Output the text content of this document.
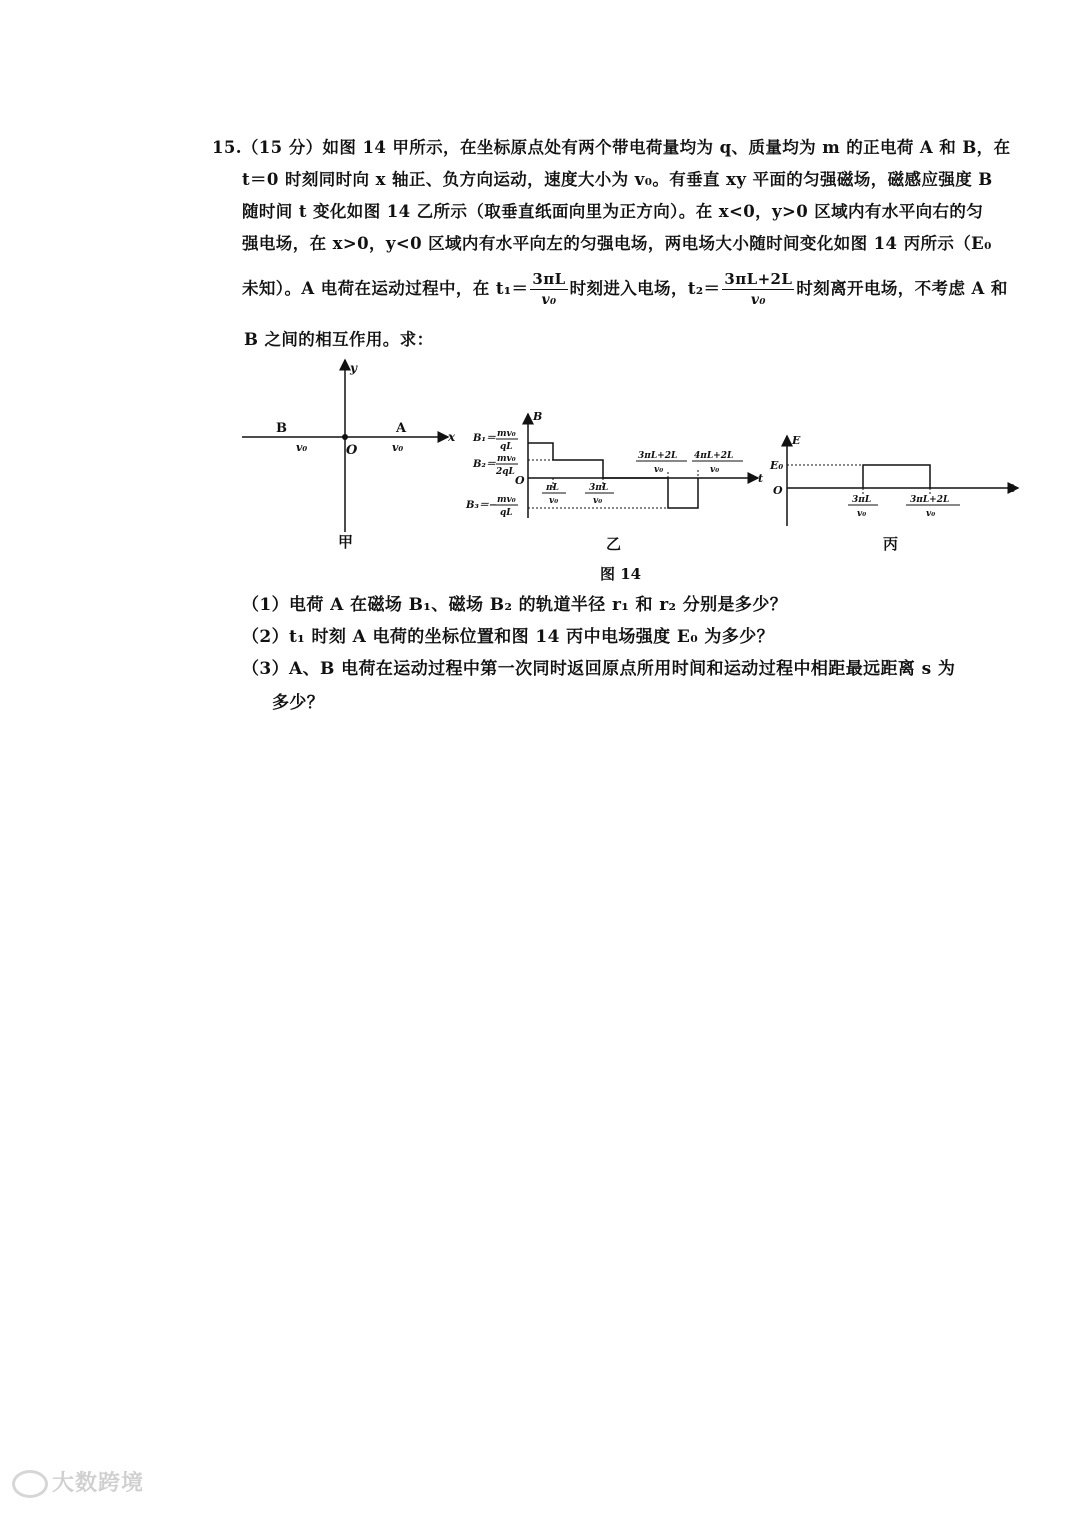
15.（15 分）如图 14 甲所示，在坐标原点处有两个带电荷量均为 q、质量均为 m 的正电荷 A 和 B，在
t＝0 时刻同时向 x 轴正、负方向运动，速度大小为 v₀。有垂直 xy 平面的匀强磁场，磁感应强度 B
随时间 t 变化如图 14 乙所示（取垂直纸面向里为正方向）。在 x<0，y>0 区域内有水平向右的匀
强电场，在 x>0，y<0 区域内有水平向左的匀强电场，两电场大小随时间变化如图 14 丙所示（E₀
未知）。A 电荷在运动过程中，在 $t_1= \frac{3\pi L}{\text{v₀}}$ 时刻进入电场，$t_2= \frac{3\pi L+2L}{\text{v₀}}$ 时刻离开电场，不考虑 A 和
B 之间的相互作用。求：
x
y
O
B	A
v₀	v₀
甲
B
t
O
B₁＝ mv₀
qL
B₂＝ mv₀
2qL
B₃＝− mv₀
qL
πL
v₀
3πL
v₀
3πL+2L
v₀
4πL+2L
v₀
乙
E
t
O
E₀
3πL
v₀
3πL+2L
v₀
丙
图 14
（1）电荷 A 在磁场 B₁、磁场 B₂ 的轨道半径 r₁ 和 r₂ 分别是多少？
（2）t₁ 时刻 A 电荷的坐标位置和图 14 丙中电场强度 E₀ 为多少？
（3）A、B 电荷在运动过程中第一次同时返回原点所用时间和运动过程中相距最远距离 s 为
多少？
大数跨境
